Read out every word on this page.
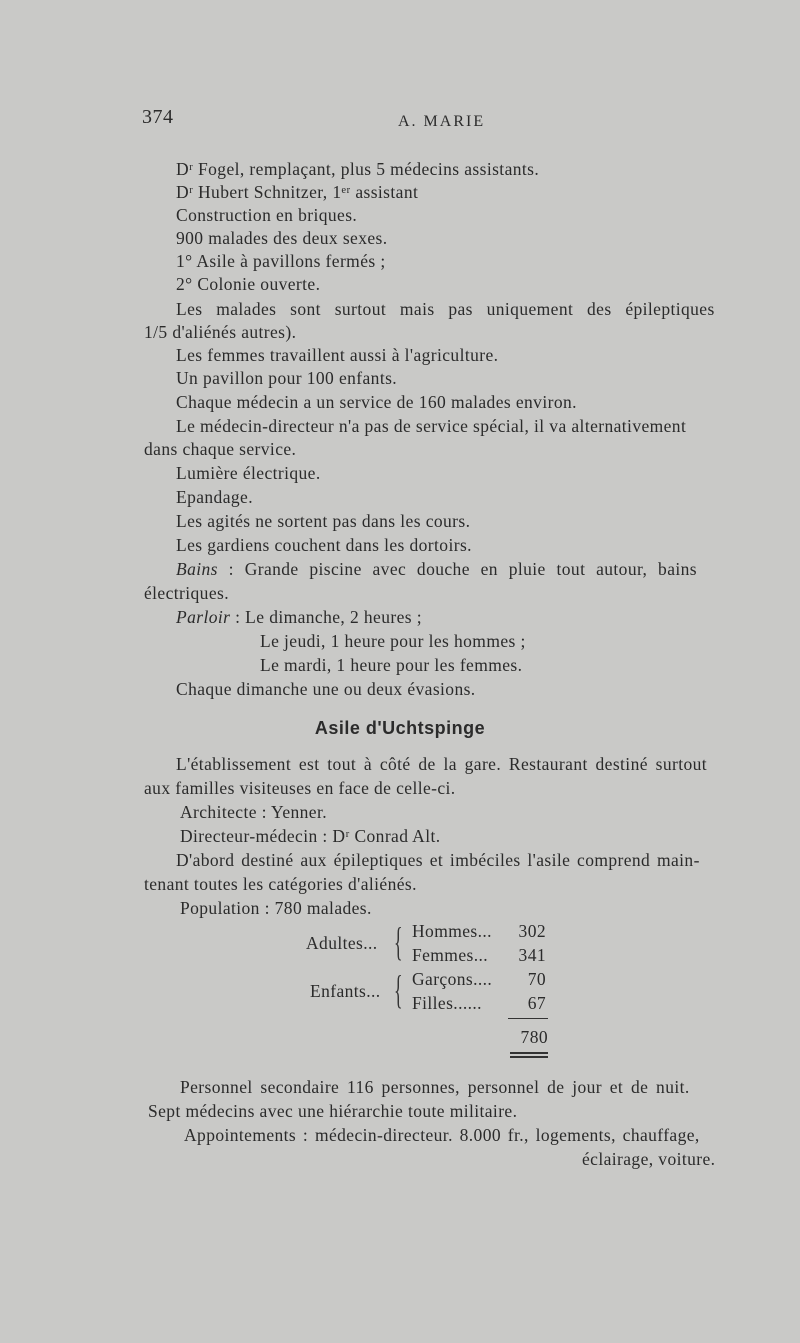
374	A. MARIE
Dʳ Fogel, remplaçant, plus 5 médecins assistants.
Dʳ Hubert Schnitzer, 1ᵉʳ assistant
Construction en briques.
900 malades des deux sexes.
1° Asile à pavillons fermés ;
2° Colonie ouverte.
Les malades sont surtout mais pas uniquement des épileptiques
1/5 d'aliénés autres).
Les femmes travaillent aussi à l'agriculture.
Un pavillon pour 100 enfants.
Chaque médecin a un service de 160 malades environ.
Le médecin-directeur n'a pas de service spécial, il va alternativement
dans chaque service.
Lumière électrique.
Epandage.
Les agités ne sortent pas dans les cours.
Les gardiens couchent dans les dortoirs.
Bains : Grande piscine avec douche en pluie tout autour, bains
électriques.
Parloir : Le dimanche, 2 heures ;
Le jeudi, 1 heure pour les hommes ;
Le mardi, 1 heure pour les femmes.
Chaque dimanche une ou deux évasions.
Asile d'Uchtspinge
L'établissement est tout à côté de la gare. Restaurant destiné surtout
aux familles visiteuses en face de celle-ci.
Architecte : Yenner.
Directeur-médecin : Dʳ Conrad Alt.
D'abord destiné aux épileptiques et imbéciles l'asile comprend main-
tenant toutes les catégories d'aliénés.
Population : 780 malades.
Adultes... { Hommes...	302
Femmes...	341
Enfants... { Garçons....	70
Filles......	67
780
Personnel secondaire 116 personnes, personnel de jour et de nuit.
Sept médecins avec une hiérarchie toute militaire.
Appointements : médecin-directeur. 8.000 fr., logements, chauffage,
éclairage, voiture.
